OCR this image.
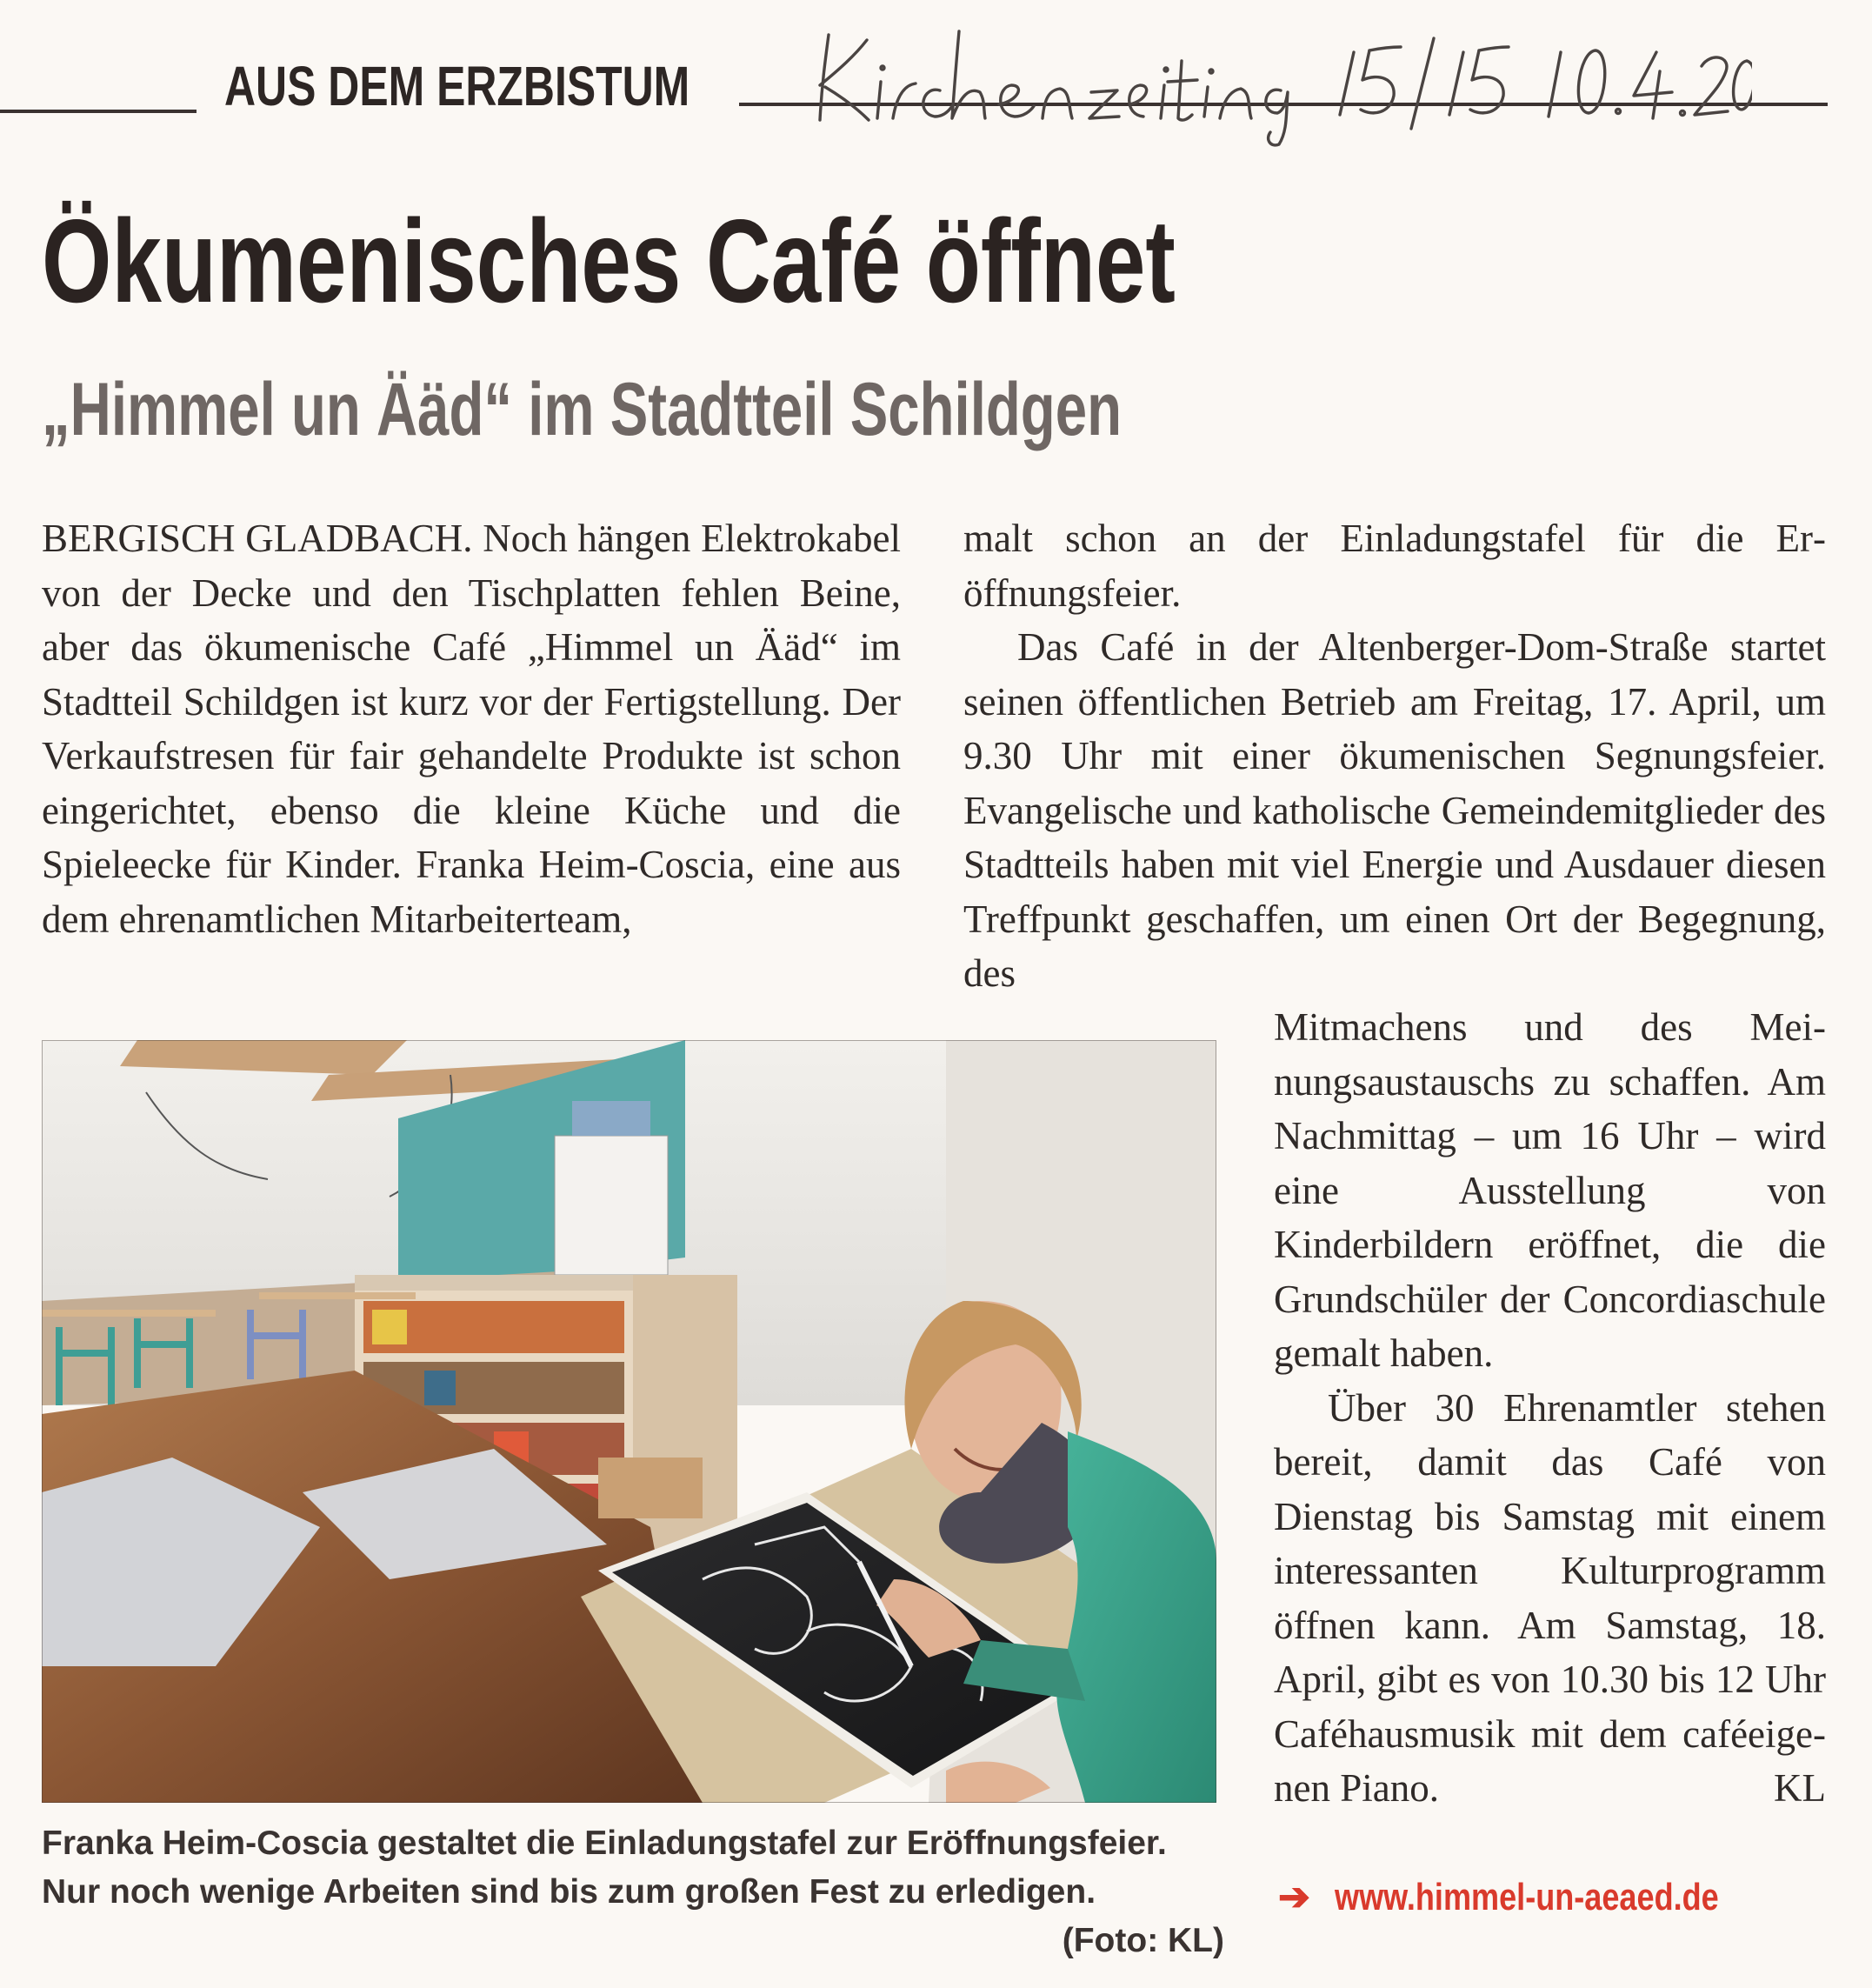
AUS DEM ERZBISTUM
Ökumenisches Café öffnet
„Himmel un Ääd“ im Stadtteil Schildgen

BERGISCH GLADBACH. Noch hängen Elektrokabel von der Decke und den Tischplatten fehlen Beine, aber das ökumenische Café „Himmel un Ääd“ im Stadtteil Schildgen ist kurz vor der Fertigstellung. Der Verkaufstresen für fair gehandelte Produkte ist schon eingerichtet, ebenso die kleine Küche und die Spieleecke für Kinder. Franka Heim-Coscia, eine aus dem ehrenamtlichen Mitarbeiterteam,

malt schon an der Einladungstafel für die Eröffnungsfeier.

Das Café in der Altenberger-Dom-Straße startet seinen öffentlichen Betrieb am Freitag, 17. April, um 9.30 Uhr mit einer ökumenischen Segnungsfeier. Evangelische und katholische Gemeindemitglieder des Stadtteils haben mit viel Energie und Ausdauer diesen Treffpunkt geschaffen, um einen Ort der Begegnung, des

Mitmachens und des Meinungsaustauschs zu schaffen. Am Nachmittag – um 16 Uhr – wird eine Ausstellung von Kinderbildern eröffnet, die die Grundschüler der Concordiaschule gemalt haben.

Über 30 Ehrenamtler stehen bereit, damit das Café von Dienstag bis Samstag mit einem interessanten Kulturprogramm öffnen kann. Am Samstag, 18. April, gibt es von 10.30 bis 12 Uhr Caféhausmusik mit dem caféeigenen Piano.	KL

Franka Heim-Coscia gestaltet die Einladungstafel zur Eröffnungsfeier. Nur noch wenige Arbeiten sind bis zum großen Fest zu erledigen.
(Foto: KL)

➔ www.himmel-un-aeaed.de
